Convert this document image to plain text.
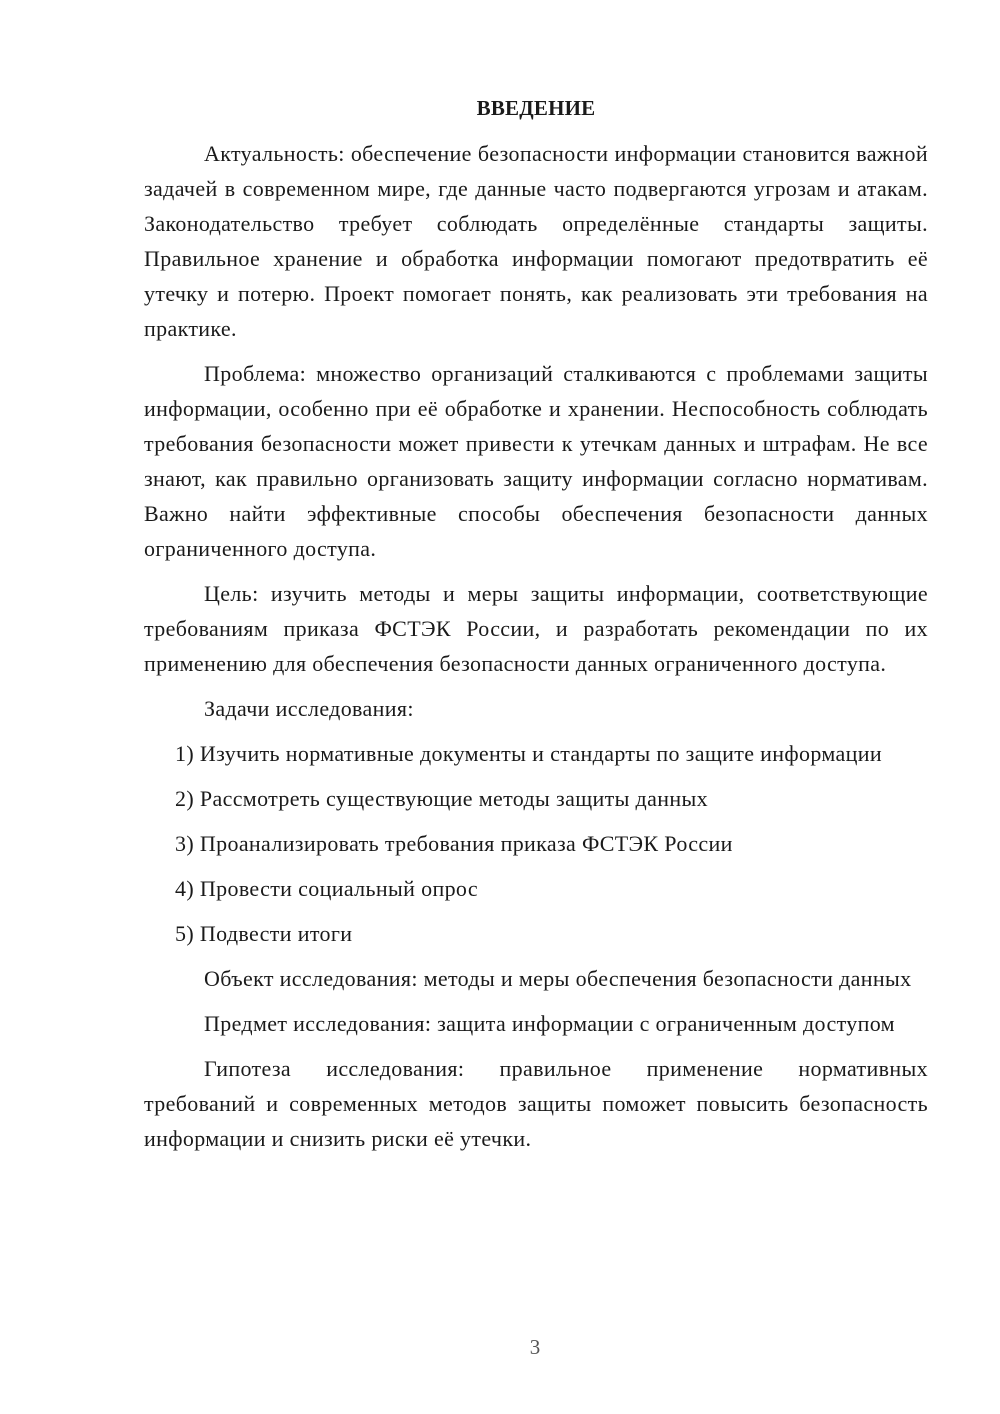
ВВЕДЕНИЕ

Актуальность: обеспечение безопасности информации становится важной задачей в современном мире, где данные часто подвергаются угрозам и атакам. Законодательство требует соблюдать определённые стандарты защиты. Правильное хранение и обработка информации помогают предотвратить её утечку и потерю. Проект помогает понять, как реализовать эти требования на практике.

Проблема: множество организаций сталкиваются с проблемами защиты информации, особенно при её обработке и хранении. Неспособность соблюдать требования безопасности может привести к утечкам данных и штрафам. Не все знают, как правильно организовать защиту информации согласно нормативам. Важно найти эффективные способы обеспечения безопасности данных ограниченного доступа.

Цель: изучить методы и меры защиты информации, соответствующие требованиям приказа ФСТЭК России, и разработать рекомендации по их применению для обеспечения безопасности данных ограниченного доступа.

Задачи исследования:

1) Изучить нормативные документы и стандарты по защите информации

2) Рассмотреть существующие методы защиты данных

3) Проанализировать требования приказа ФСТЭК России

4) Провести социальный опрос

5) Подвести итоги

Объект исследования: методы и меры обеспечения безопасности данных

Предмет исследования: защита информации с ограниченным доступом

Гипотеза исследования: правильное применение нормативных требований и современных методов защиты поможет повысить безопасность информации и снизить риски её утечки.

3
